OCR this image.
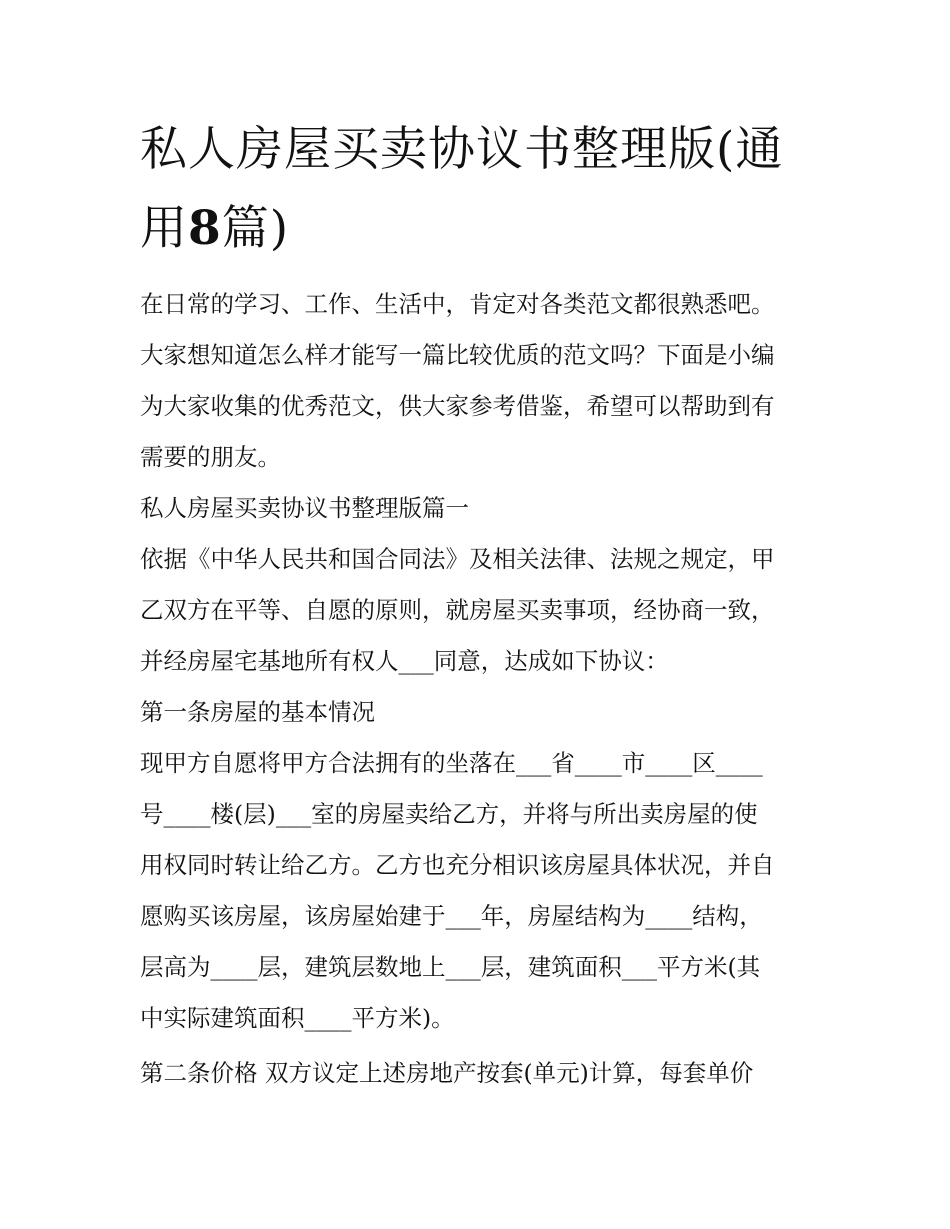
私人房屋买卖协议书整理版(通
用8篇)
在日常的学习、工作、生活中，肯定对各类范文都很熟悉吧。
大家想知道怎么样才能写一篇比较优质的范文吗？下面是小编
为大家收集的优秀范文，供大家参考借鉴，希望可以帮助到有
需要的朋友。
私人房屋买卖协议书整理版篇一
依据《中华人民共和国合同法》及相关法律、法规之规定，甲
乙双方在平等、自愿的原则，就房屋买卖事项，经协商一致，
并经房屋宅基地所有权人___同意，达成如下协议：
第一条房屋的基本情况
现甲方自愿将甲方合法拥有的坐落在___省____市____区____
号____楼(层)___室的房屋卖给乙方，并将与所出卖房屋的使
用权同时转让给乙方。乙方也充分相识该房屋具体状况，并自
愿购买该房屋，该房屋始建于___年，房屋结构为____结构，
层高为____层，建筑层数地上___层，建筑面积___平方米(其
中实际建筑面积____平方米)。
第二条价格 双方议定上述房地产按套(单元)计算，每套单价
